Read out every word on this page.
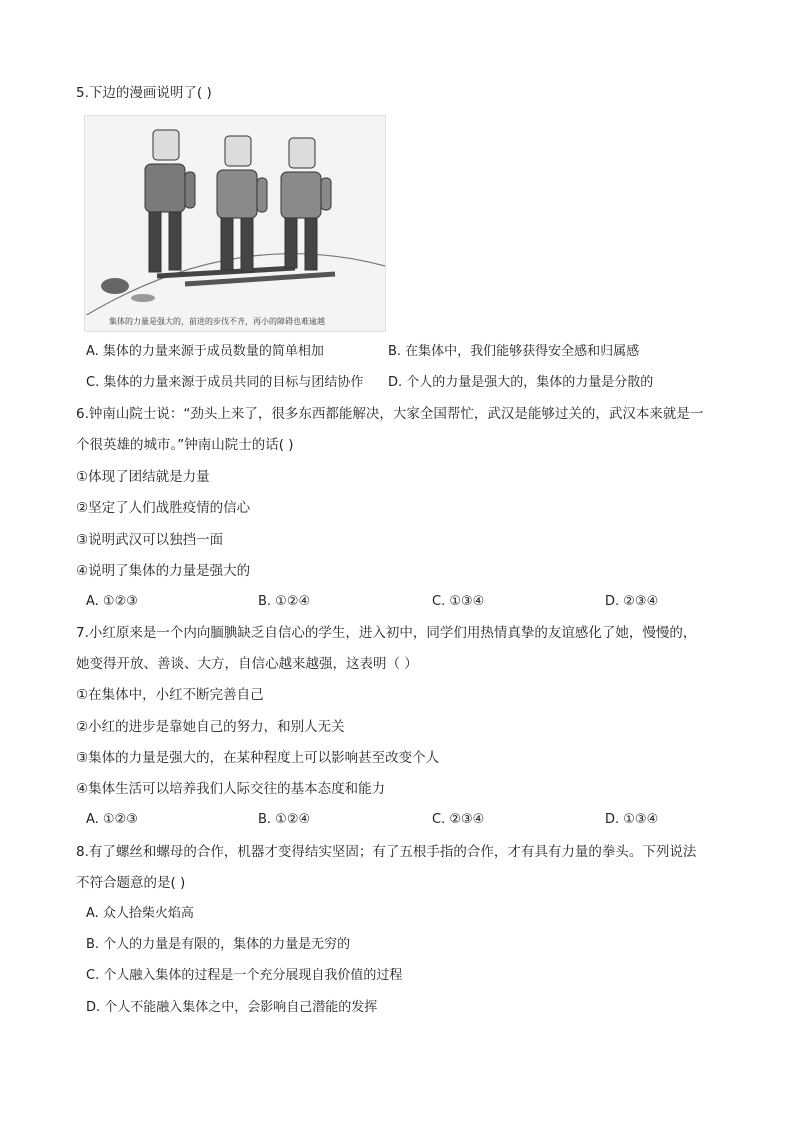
5.下边的漫画说明了( )
集体的力量是强大的，前进的步伐不齐，再小的障碍也难逾越
A. 集体的力量来源于成员数量的简单相加	B. 在集体中，我们能够获得安全感和归属感
C. 集体的力量来源于成员共同的目标与团结协作 D. 个人的力量是强大的，集体的力量是分散的
6.钟南山院士说：“劲头上来了，很多东西都能解决，大家全国帮忙，武汉是能够过关的，武汉本来就是一
个很英雄的城市。”钟南山院士的话( )
①体现了团结就是力量
②坚定了人们战胜疫情的信心
③说明武汉可以独挡一面
④说明了集体的力量是强大的
A. ①②③	B. ①②④	C. ①③④	D. ②③④
7.小红原来是一个内向腼腆缺乏自信心的学生，进入初中，同学们用热情真挚的友谊感化了她，慢慢的，
她变得开放、善谈、大方，自信心越来越强，这表明（ ）
①在集体中，小红不断完善自己
②小红的进步是靠她自己的努力，和别人无关
③集体的力量是强大的，在某种程度上可以影响甚至改变个人
④集体生活可以培养我们人际交往的基本态度和能力
A. ①②③	B. ①②④	C. ②③④	D. ①③④
8.有了螺丝和螺母的合作，机器才变得结实坚固；有了五根手指的合作，才有具有力量的拳头。下列说法
不符合题意的是( )
A. 众人拾柴火焰高
B. 个人的力量是有限的，集体的力量是无穷的
C. 个人融入集体的过程是一个充分展现自我价值的过程
D. 个人不能融入集体之中，会影响自己潜能的发挥
